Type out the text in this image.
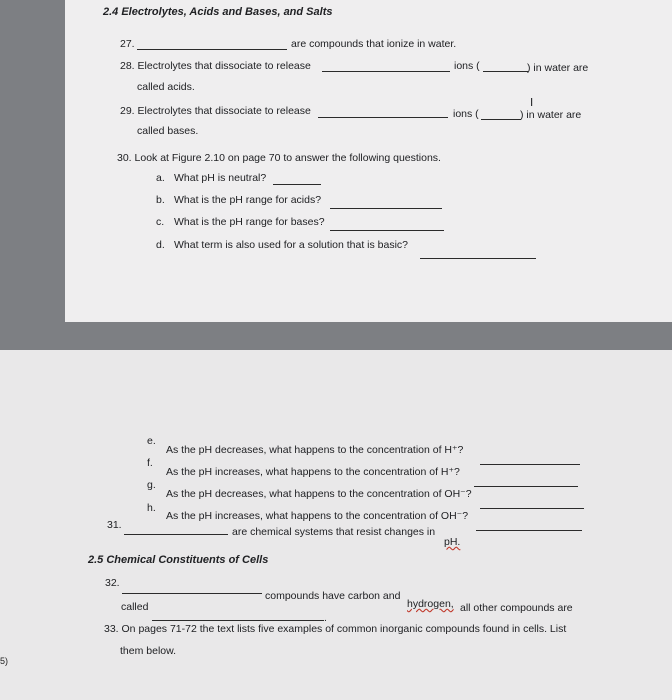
2.4 Electrolytes, Acids and Bases, and Salts
27.	are compounds that ionize in water.
28. Electrolytes that dissociate to release	ions (	) in water are
called acids.
29. Electrolytes that dissociate to release	ions (	) in water are
I
called bases.
30. Look at Figure 2.10 on page 70 to answer the following questions.
a. What pH is neutral?
b. What is the pH range for acids?
c. What is the pH range for bases?
d. What term is also used for a solution that is basic?
e.
As the pH decreases, what happens to the concentration of H⁺?
f.
As the pH increases, what happens to the concentration of H⁺?
g.
As the pH decreases, what happens to the concentration of OH⁻?
h.
As the pH increases, what happens to the concentration of OH⁻?
31.
are chemical systems that resist changes in
pH.
2.5 Chemical Constituents of Cells
32.
compounds have carbon and
hydrogen, all other compounds are
called
.
33. On pages 71-72 the text lists five examples of common inorganic compounds found in cells. List
them below.
5)
